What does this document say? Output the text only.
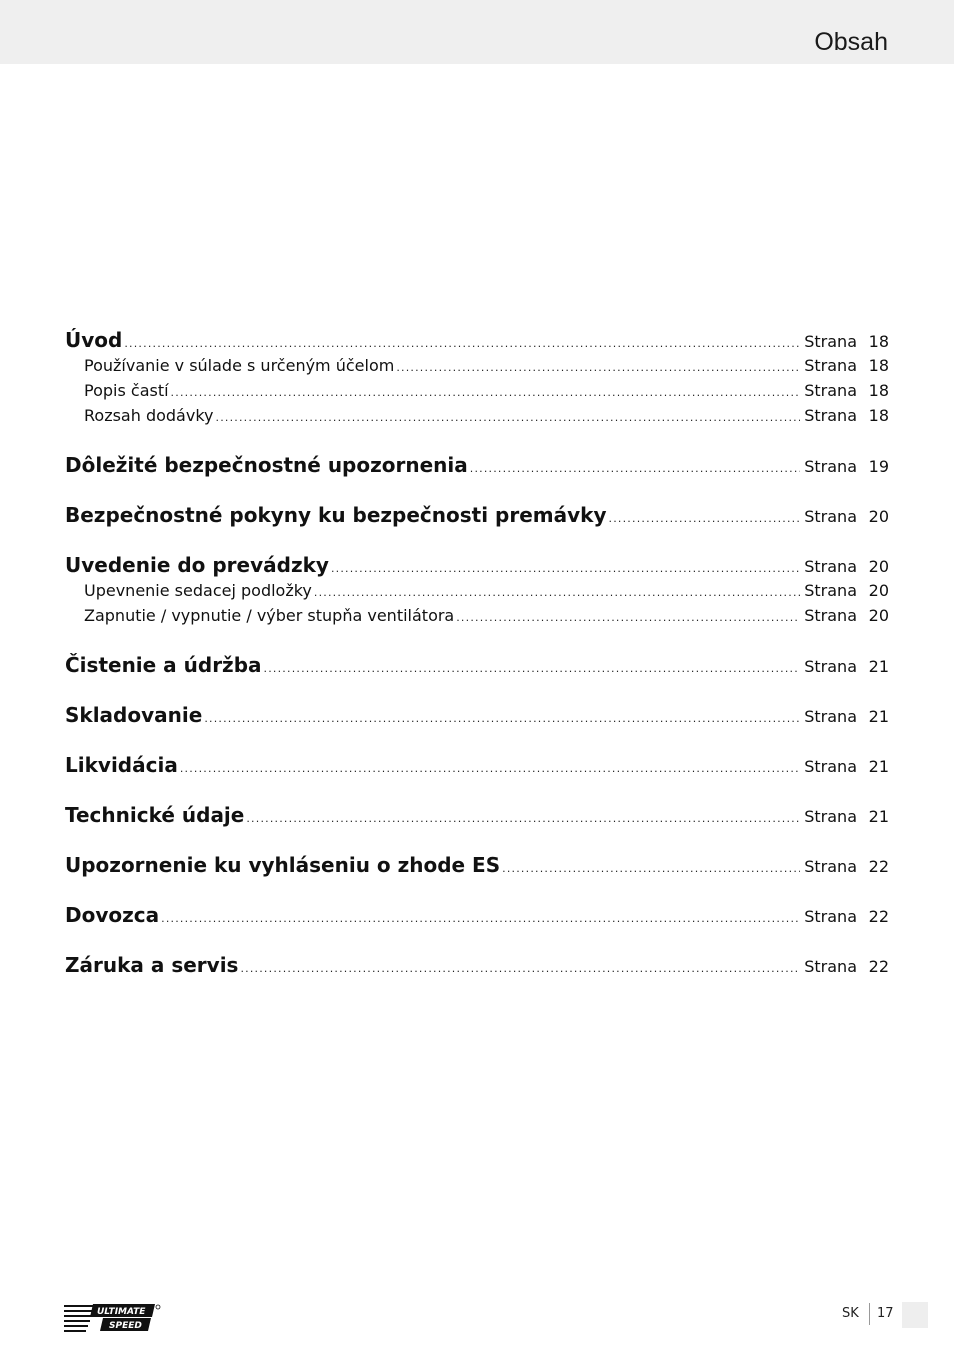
Obsah
Úvod .....	Strana 18
Používanie v súlade s určeným účelom .....	Strana 18
Popis častí .....	Strana 18
Rozsah dodávky .....	Strana 18
Dôležité bezpečnostné upozornenia .....	Strana 19
Bezpečnostné pokyny ku bezpečnosti premávky .....	Strana 20
Uvedenie do prevádzky .....	Strana 20
Upevnenie sedacej podložky .....	Strana 20
Zapnutie / vypnutie / výber stupňa ventilátora .....	Strana 20
Čistenie a údržba .....	Strana 21
Skladovanie .....	Strana 21
Likvidácia .....	Strana 21
Technické údaje .....	Strana 21
Upozornenie ku vyhláseniu o zhode ES .....	Strana 22
Dovozca .....	Strana 22
Záruka a servis .....	Strana 22
ULTIMATE
SPEED
SK 17
